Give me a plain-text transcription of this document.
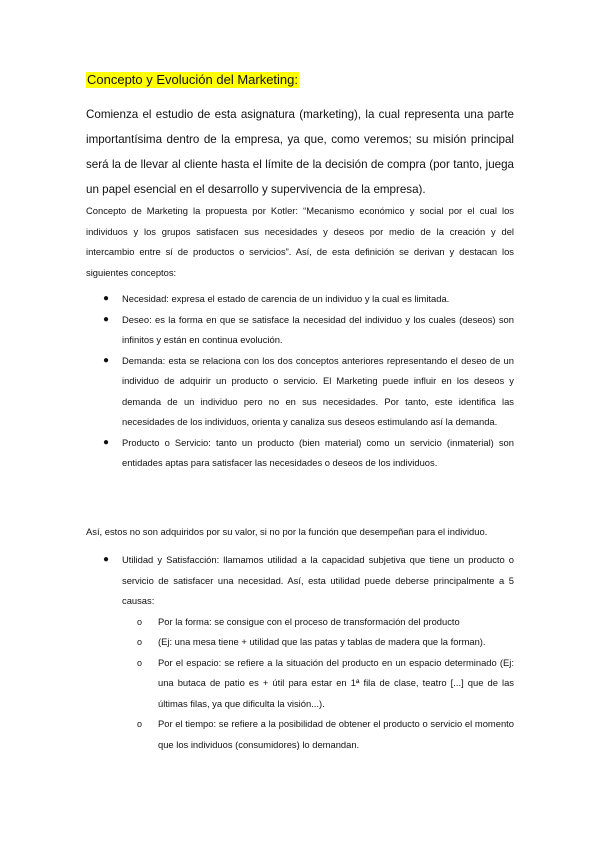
Concepto y Evolución del Marketing:

Comienza el estudio de esta asignatura (marketing), la cual representa una parte importantísima dentro de la empresa, ya que, como veremos; su misión principal será la de llevar al cliente hasta el límite de la decisión de compra (por tanto, juega un papel esencial en el desarrollo y supervivencia de la empresa).

Concepto de Marketing la propuesta por Kotler: “Mecanismo económico y social por el cual los individuos y los grupos satisfacen sus necesidades y deseos por medio de la creación y del intercambio entre sí de productos o servicios”. Así, de esta definición se derivan y destacan los siguientes conceptos:

● Necesidad: expresa el estado de carencia de un individuo y la cual es limitada.
● Deseo: es la forma en que se satisface la necesidad del individuo y los cuales (deseos) son infinitos y están en continua evolución.
● Demanda: esta se relaciona con los dos conceptos anteriores representando el deseo de un individuo de adquirir un producto o servicio. El Marketing puede influir en los deseos y demanda de un individuo pero no en sus necesidades. Por tanto, este identifica las necesidades de los individuos, orienta y canaliza sus deseos estimulando así la demanda.
● Producto o Servicio: tanto un producto (bien material) como un servicio (inmaterial) son entidades aptas para satisfacer las necesidades o deseos de los individuos.

Así, estos no son adquiridos por su valor, si no por la función que desempeñan para el individuo.

● Utilidad y Satisfacción: llamamos utilidad a la capacidad subjetiva que tiene un producto o servicio de satisfacer una necesidad. Así, esta utilidad puede deberse principalmente a 5 causas:
o Por la forma: se consigue con el proceso de transformación del producto
o (Ej: una mesa tiene + utilidad que las patas y tablas de madera que la forman).
o Por el espacio: se refiere a la situación del producto en un espacio determinado (Ej: una butaca de patio es + útil para estar en 1ª fila de clase, teatro [...] que de las últimas filas, ya que dificulta la visión...).
o Por el tiempo: se refiere a la posibilidad de obtener el producto o servicio el momento que los individuos (consumidores) lo demandan.
